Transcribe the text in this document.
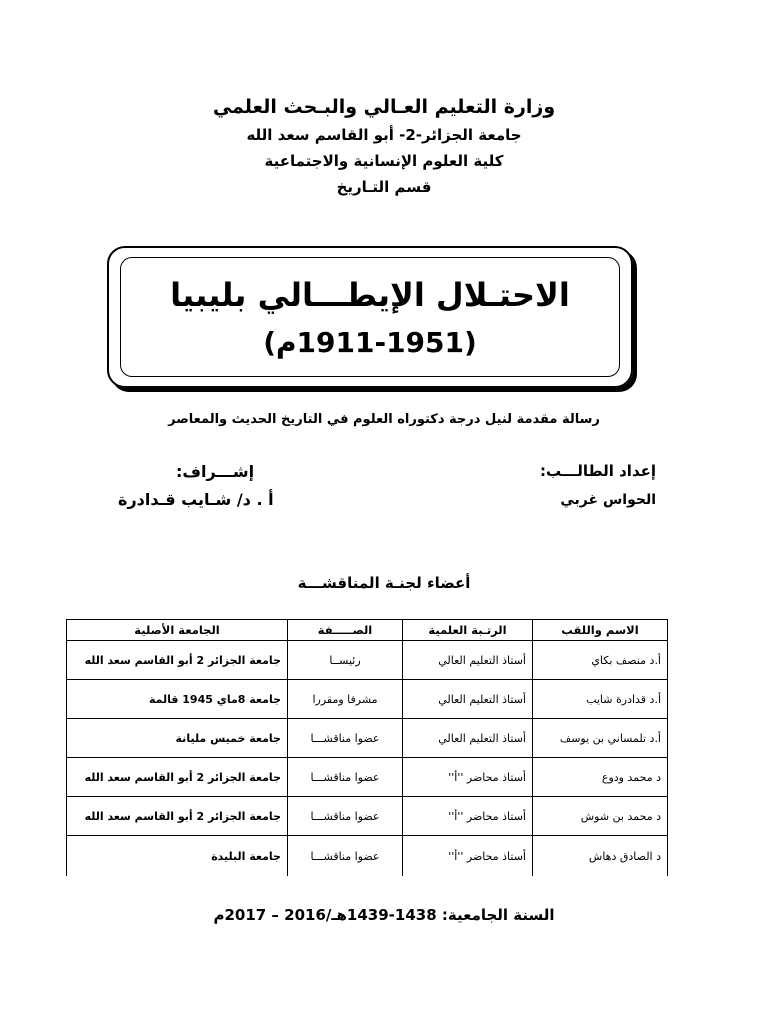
وزارة التعليم العـالي والبـحث العلمي
جامعة الجزائر-2- أبو القاسم سعد الله
كلية العلوم الإنسانية والاجتماعية
قسم التـاريخ
الاحتـلال الإيطـــالي بليبيا
(1911-1951م)
رسالة مقدمة لنيل درجة دكتوراه العلوم في التاريخ الحديث والمعاصر
إعداد الطالـــب:
الحواس غربي
إشـــراف:
أ . د/ شـايب قـدادرة
أعضاء لجنـة المناقشـــة
الاسم واللقب	الرتـبة العلمية	الصـــــفة	الجامعة الأصلية
أ.د منصف بكاي	أستاذ التعليم العالي	رئيســا	جامعة الجزائر 2 أبو القاسم سعد الله
أ.د قدادرة شايب	أستاذ التعليم العالي	مشرفا ومقررا	جامعة 8ماي 1945 قالمة
أ.د تلمساني بن يوسف	أستاذ التعليم العالي	عضوا مناقشـــا	جامعة خميس مليانة
د محمد ودوع	أستاذ محاضر ''أ''	عضوا مناقشـــا	جامعة الجزائر 2 أبو القاسم سعد الله
د محمد بن شوش	أستاذ محاضر ''أ''	عضوا مناقشـــا	جامعة الجزائر 2 أبو القاسم سعد الله
د الصادق دهاش	أستاذ محاضر ''أ''	عضوا مناقشـــا	جامعة البليدة
السنة الجامعية: 1438-1439هـ/2016 – 2017م
